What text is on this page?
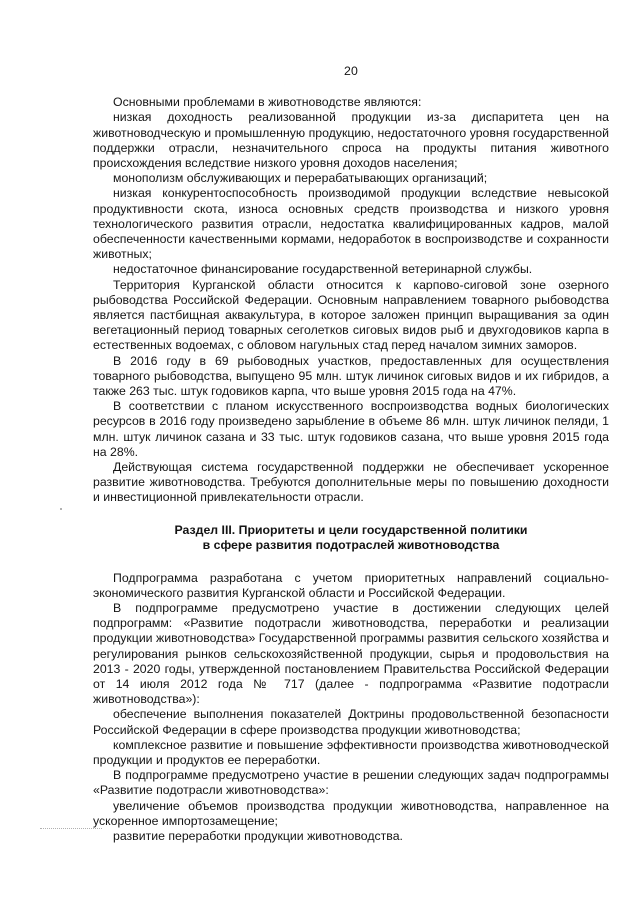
20

Основными проблемами в животноводстве являются:

низкая доходность реализованной продукции из-за диспаритета цен на животноводческую и промышленную продукцию, недостаточного уровня государственной поддержки отрасли, незначительного спроса на продукты питания животного происхождения вследствие низкого уровня доходов населения;

монополизм обслуживающих и перерабатывающих организаций;

низкая конкурентоспособность производимой продукции вследствие невысокой продуктивности скота, износа основных средств производства и низкого уровня технологического развития отрасли, недостатка квалифицированных кадров, малой обеспеченности качественными кормами, недоработок в воспроизводстве и сохранности животных;

недостаточное финансирование государственной ветеринарной службы.

Территория Курганской области относится к карпово-сиговой зоне озерного рыбоводства Российской Федерации. Основным направлением товарного рыбоводства является пастбищная аквакультура, в которое заложен принцип выращивания за один вегетационный период товарных сеголетков сиговых видов рыб и двухгодовиков карпа в естественных водоемах, с обловом нагульных стад перед началом зимних заморов.

В 2016 году в 69 рыбоводных участков, предоставленных для осуществления товарного рыбоводства, выпущено 95 млн. штук личинок сиговых видов и их гибридов, а также 263 тыс. штук годовиков карпа, что выше уровня 2015 года на 47%.

В соответствии с планом искусственного воспроизводства водных биологических ресурсов в 2016 году произведено зарыбление в объеме 86 млн. штук личинок пеляди, 1 млн. штук личинок сазана и 33 тыс. штук годовиков сазана, что выше уровня 2015 года на 28%.

Действующая система государственной поддержки не обеспечивает ускоренное развитие животноводства. Требуются дополнительные меры по повышению доходности и инвестиционной привлекательности отрасли.

Раздел III. Приоритеты и цели государственной политики
в сфере развития подотраслей животноводства

Подпрограмма разработана с учетом приоритетных направлений социально-экономического развития Курганской области и Российской Федерации.

В подпрограмме предусмотрено участие в достижении следующих целей подпрограмм: «Развитие подотрасли животноводства, переработки и реализации продукции животноводства» Государственной программы развития сельского хозяйства и регулирования рынков сельскохозяйственной продукции, сырья и продовольствия на 2013 - 2020 годы, утвержденной постановлением Правительства Российской Федерации от 14 июля 2012 года № 717 (далее - подпрограмма «Развитие подотрасли животноводства»):

обеспечение выполнения показателей Доктрины продовольственной безопасности Российской Федерации в сфере производства продукции животноводства;

комплексное развитие и повышение эффективности производства животноводческой продукции и продуктов ее переработки.

В подпрограмме предусмотрено участие в решении следующих задач подпрограммы «Развитие подотрасли животноводства»:

увеличение объемов производства продукции животноводства, направленное на ускоренное импортозамещение;

развитие переработки продукции животноводства.
